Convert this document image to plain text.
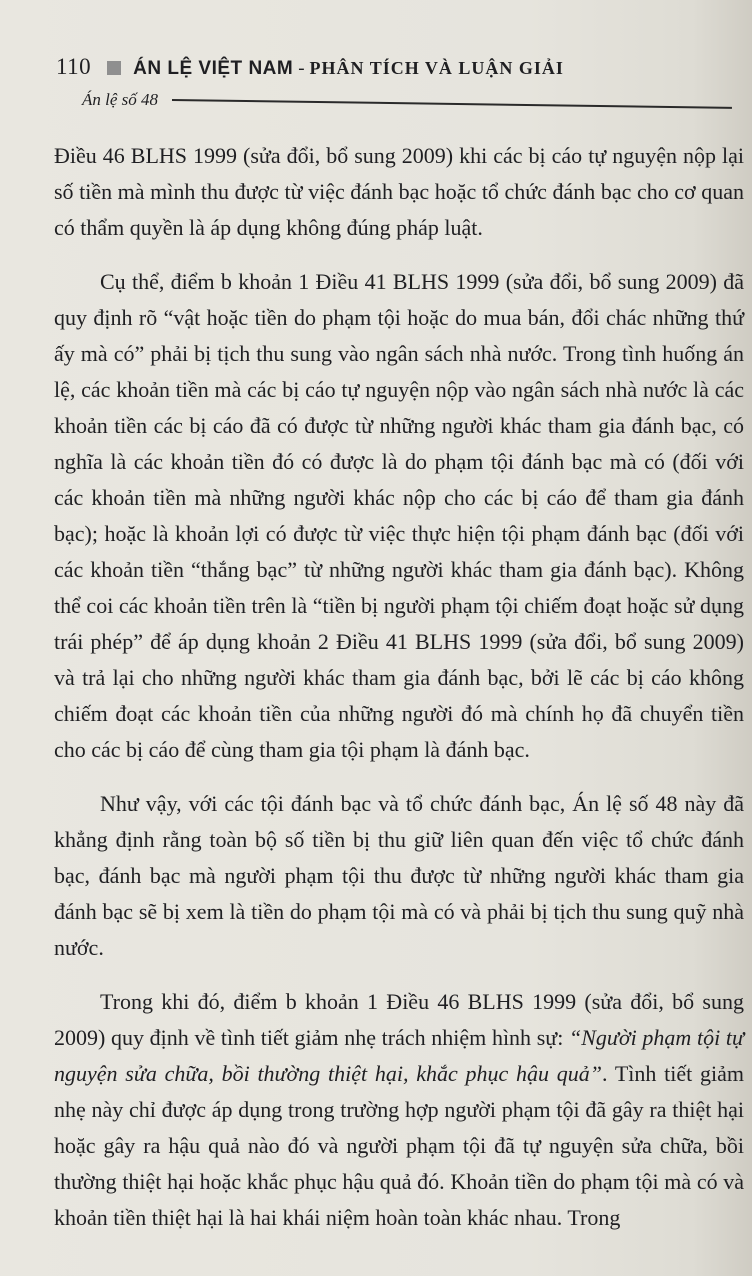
110 ÁN LỆ VIỆT NAM - PHÂN TÍCH VÀ LUẬN GIẢI
Án lệ số 48

Điều 46 BLHS 1999 (sửa đổi, bổ sung 2009) khi các bị cáo tự nguyện nộp lại số tiền mà mình thu được từ việc đánh bạc hoặc tổ chức đánh bạc cho cơ quan có thẩm quyền là áp dụng không đúng pháp luật.

Cụ thể, điểm b khoản 1 Điều 41 BLHS 1999 (sửa đổi, bổ sung 2009) đã quy định rõ “vật hoặc tiền do phạm tội hoặc do mua bán, đổi chác những thứ ấy mà có” phải bị tịch thu sung vào ngân sách nhà nước. Trong tình huống án lệ, các khoản tiền mà các bị cáo tự nguyện nộp vào ngân sách nhà nước là các khoản tiền các bị cáo đã có được từ những người khác tham gia đánh bạc, có nghĩa là các khoản tiền đó có được là do phạm tội đánh bạc mà có (đối với các khoản tiền mà những người khác nộp cho các bị cáo để tham gia đánh bạc); hoặc là khoản lợi có được từ việc thực hiện tội phạm đánh bạc (đối với các khoản tiền “thắng bạc” từ những người khác tham gia đánh bạc). Không thể coi các khoản tiền trên là “tiền bị người phạm tội chiếm đoạt hoặc sử dụng trái phép” để áp dụng khoản 2 Điều 41 BLHS 1999 (sửa đổi, bổ sung 2009) và trả lại cho những người khác tham gia đánh bạc, bởi lẽ các bị cáo không chiếm đoạt các khoản tiền của những người đó mà chính họ đã chuyển tiền cho các bị cáo để cùng tham gia tội phạm là đánh bạc.

Như vậy, với các tội đánh bạc và tổ chức đánh bạc, Án lệ số 48 này đã khẳng định rằng toàn bộ số tiền bị thu giữ liên quan đến việc tổ chức đánh bạc, đánh bạc mà người phạm tội thu được từ những người khác tham gia đánh bạc sẽ bị xem là tiền do phạm tội mà có và phải bị tịch thu sung quỹ nhà nước.

Trong khi đó, điểm b khoản 1 Điều 46 BLHS 1999 (sửa đổi, bổ sung 2009) quy định về tình tiết giảm nhẹ trách nhiệm hình sự: “Người phạm tội tự nguyện sửa chữa, bồi thường thiệt hại, khắc phục hậu quả”. Tình tiết giảm nhẹ này chỉ được áp dụng trong trường hợp người phạm tội đã gây ra thiệt hại hoặc gây ra hậu quả nào đó và người phạm tội đã tự nguyện sửa chữa, bồi thường thiệt hại hoặc khắc phục hậu quả đó. Khoản tiền do phạm tội mà có và khoản tiền thiệt hại là hai khái niệm hoàn toàn khác nhau. Trong
